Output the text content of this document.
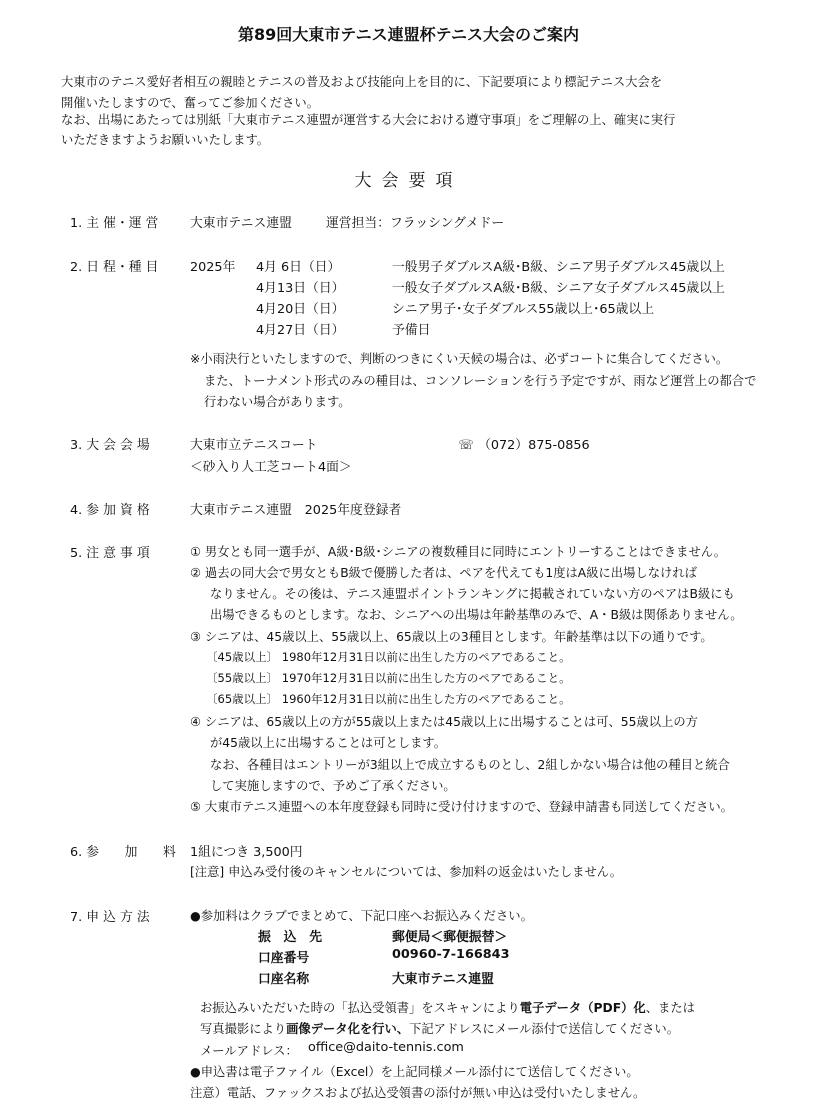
第89回大東市テニス連盟杯テニス大会のご案内
大東市のテニス愛好者相互の親睦とテニスの普及および技能向上を目的に、下記要項により標記テニス大会を
開催いたしますので、奮ってご参加ください。
なお、出場にあたっては別紙「大東市テニス連盟が運営する大会における遵守事項」をご理解の上、確実に実行
いただきますようお願いいたします。
大会要項
1. 主 催・運 営 大東市テニス連盟	運営担当：フラッシングメドー
2. 日 程・種 目 2025年 4月 6日（日）	一般男子ダブルスA級･B級、シニア男子ダブルス45歳以上
4月13日（日）	一般女子ダブルスA級･B級、シニア女子ダブルス45歳以上
4月20日（日）	シニア男子･女子ダブルス55歳以上･65歳以上
4月27日（日）	予備日
※小雨決行といたしますので、判断のつきにくい天候の場合は、必ずコートに集合してください。
また、トーナメント形式のみの種目は、コンソレーションを行う予定ですが、雨など運営上の都合で
行わない場合があります。
3. 大 会 会 場	大東市立テニスコート	☏ （072）875-0856
＜砂入り人工芝コート4面＞
4. 参 加 資 格	大東市テニス連盟　2025年度登録者
5. 注 意 事 項	① 男女とも同一選手が、A級･B級･シニアの複数種目に同時にエントリーすることはできません。
② 過去の同大会で男女ともB級で優勝した者は、ペアを代えても1度はA級に出場しなければ
なりません。その後は、テニス連盟ポイントランキングに掲載されていない方のペアはB級にも
出場できるものとします。なお、シニアへの出場は年齢基準のみで、A・B級は関係ありません。
③ シニアは、45歳以上、55歳以上、65歳以上の3種目とします。年齢基準は以下の通りです。
〔45歳以上〕 1980年12月31日以前に出生した方のペアであること。
〔55歳以上〕 1970年12月31日以前に出生した方のペアであること。
〔65歳以上〕 1960年12月31日以前に出生した方のペアであること。
④ シニアは、65歳以上の方が55歳以上または45歳以上に出場することは可、55歳以上の方
が45歳以上に出場することは可とします。
なお、各種目はエントリーが3組以上で成立するものとし、2組しかない場合は他の種目と統合
して実施しますので、予めご了承ください。
⑤ 大東市テニス連盟への本年度登録も同時に受け付けますので、登録申請書も同送してください。
6. 参　　加　　料 1組につき 3,500円
[注意] 申込み受付後のキャンセルについては、参加料の返金はいたしません。
7. 申 込 方 法	●参加料はクラブでまとめて、下記口座へお振込みください。
振　込　先	郵便局＜郵便振替＞
口座番号	00960-7-166843
口座名称	大東市テニス連盟
お振込みいただいた時の「払込受領書」をスキャンにより電子データ（PDF）化、または
写真撮影により画像データ化を行い、下記アドレスにメール添付で送信してください。
メールアドレス： office@daito-tennis.com
●申込書は電子ファイル（Excel）を上記同様メール添付にて送信してください。
注意）電話、ファックスおよび払込受領書の添付が無い申込は受付いたしません。
